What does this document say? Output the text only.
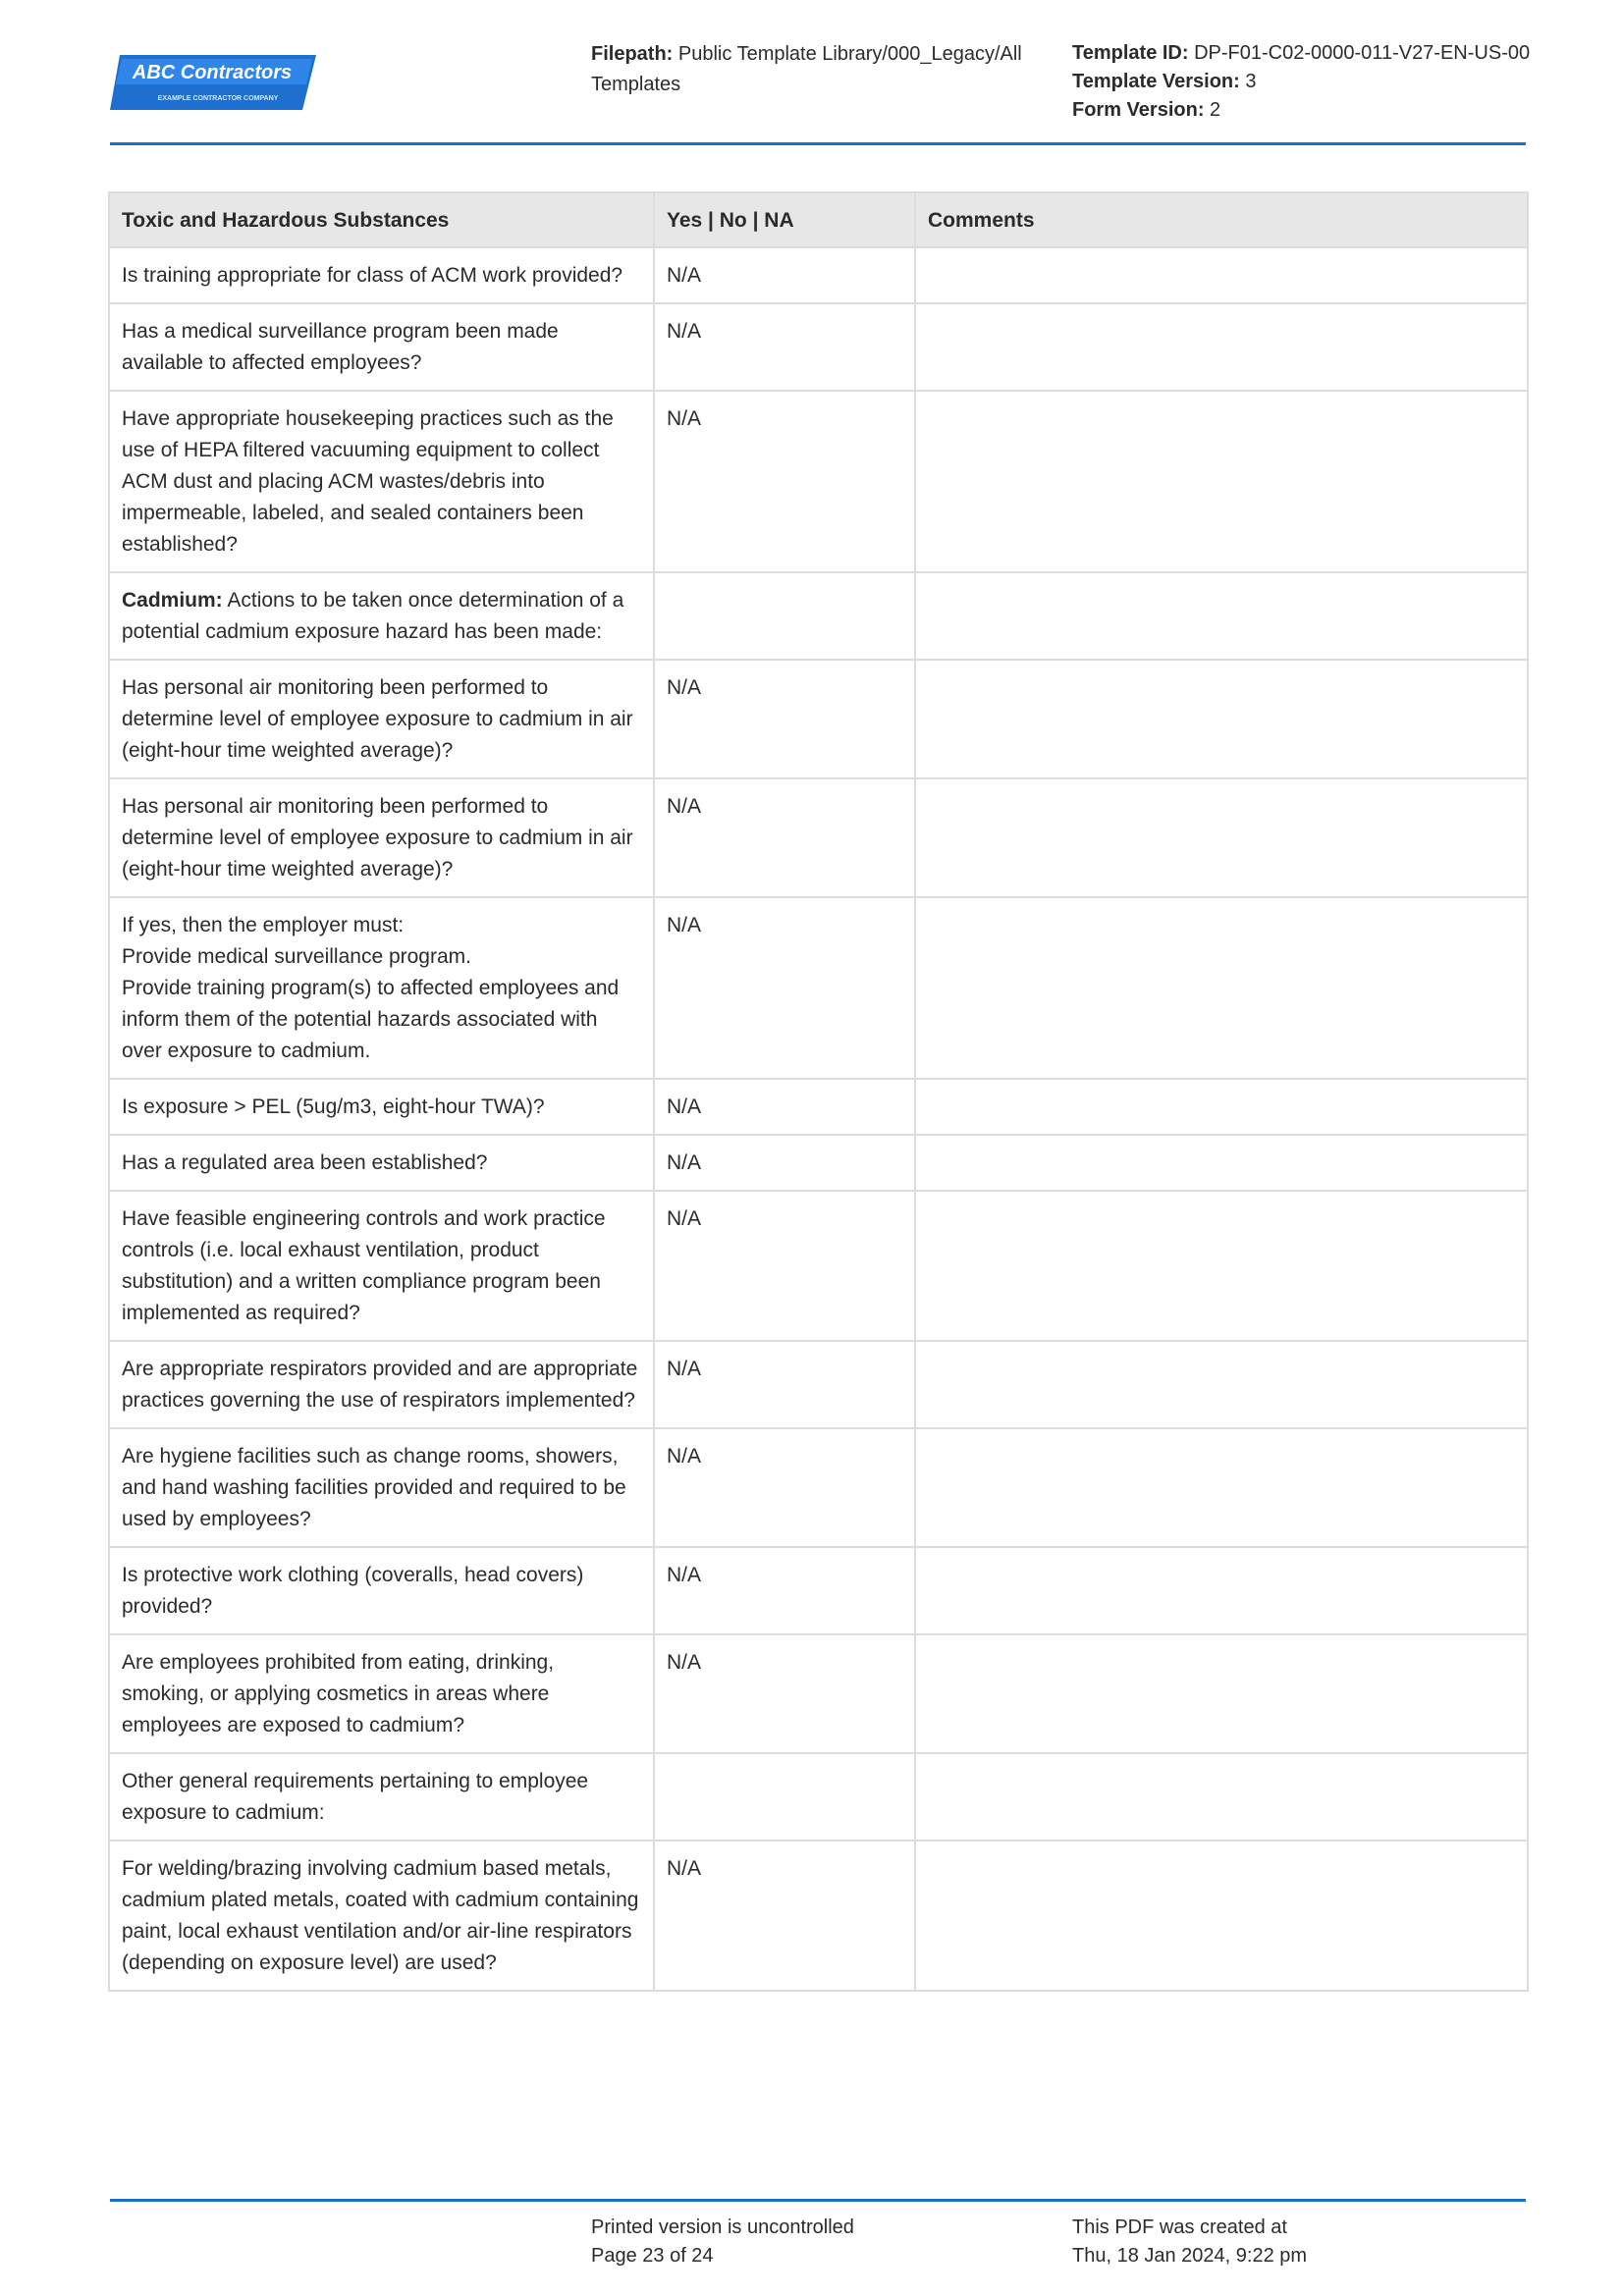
ABC Contractors
EXAMPLE CONTRACTOR COMPANY
Filepath: Public Template Library/000_Legacy/All Templates
Template ID: DP-F01-C02-0000-011-V27-EN-US-00
Template Version: 3
Form Version: 2
Toxic and Hazardous Substances	Yes | No | NA	Comments
Is training appropriate for class of ACM work provided?	N/A	
Has a medical surveillance program been made available to affected employees?	N/A	
Have appropriate housekeeping practices such as the use of HEPA filtered vacuuming equipment to collect ACM dust and placing ACM wastes/debris into impermeable, labeled, and sealed containers been established?	N/A	
Cadmium: Actions to be taken once determination of a potential cadmium exposure hazard has been made:		
Has personal air monitoring been performed to determine level of employee exposure to cadmium in air (eight-hour time weighted average)?	N/A	
Has personal air monitoring been performed to determine level of employee exposure to cadmium in air (eight-hour time weighted average)?	N/A	
If yes, then the employer must:
Provide medical surveillance program.
Provide training program(s) to affected employees and inform them of the potential hazards associated with over exposure to cadmium.	N/A	
Is exposure > PEL (5ug/m3, eight-hour TWA)?	N/A	
Has a regulated area been established?	N/A	
Have feasible engineering controls and work practice controls (i.e. local exhaust ventilation, product substitution) and a written compliance program been implemented as required?	N/A	
Are appropriate respirators provided and are appropriate practices governing the use of respirators implemented?	N/A	
Are hygiene facilities such as change rooms, showers, and hand washing facilities provided and required to be used by employees?	N/A	
Is protective work clothing (coveralls, head covers) provided?	N/A	
Are employees prohibited from eating, drinking, smoking, or applying cosmetics in areas where employees are exposed to cadmium?	N/A	
Other general requirements pertaining to employee exposure to cadmium:		
For welding/brazing involving cadmium based metals, cadmium plated metals, coated with cadmium containing paint, local exhaust ventilation and/or air-line respirators (depending on exposure level) are used?	N/A	
Printed version is uncontrolled
Page 23 of 24
This PDF was created at
Thu, 18 Jan 2024, 9:22 pm
